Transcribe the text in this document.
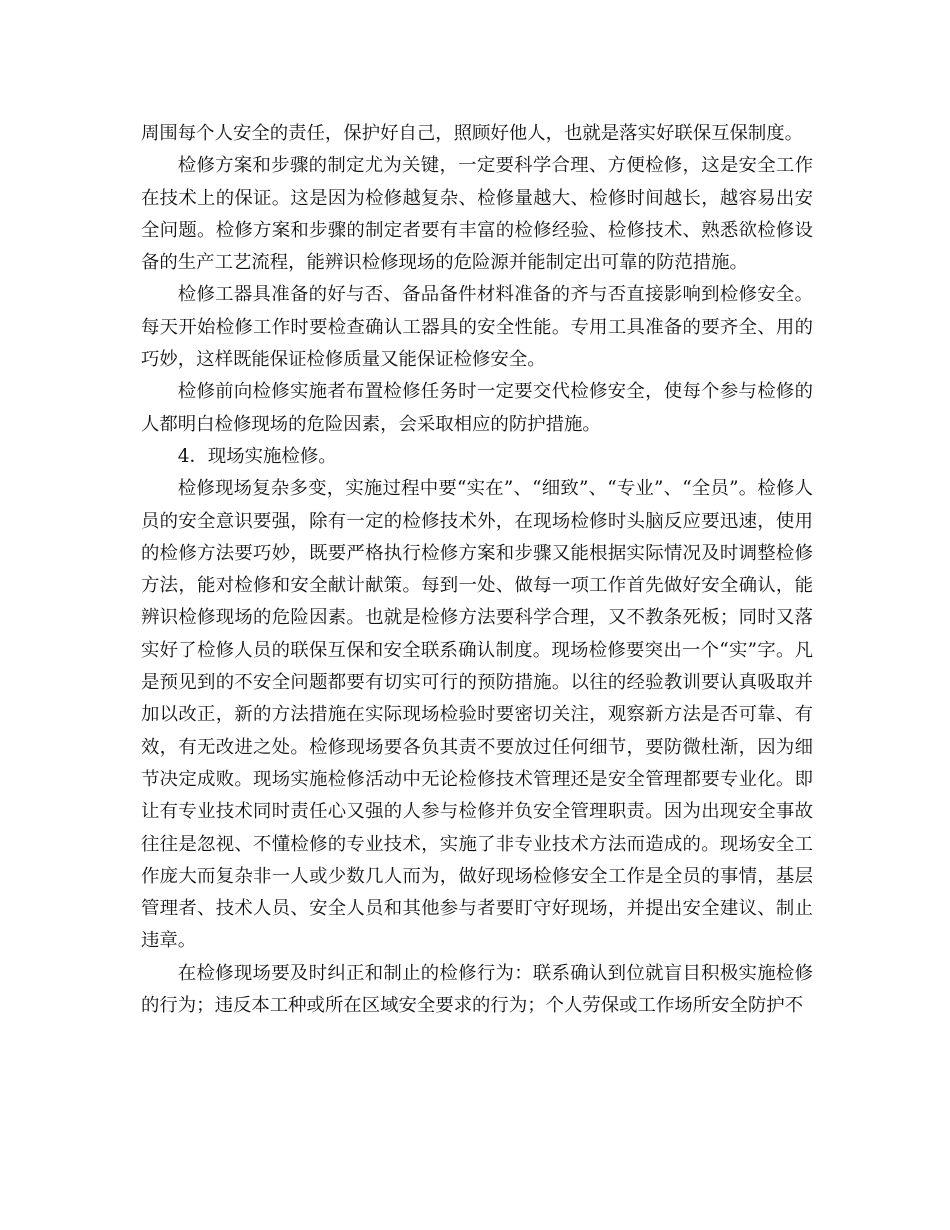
周围每个人安全的责任，保护好自己，照顾好他人，也就是落实好联保互保制度。

检修方案和步骤的制定尤为关键，一定要科学合理、方便检修，这是安全工作在技术上的保证。这是因为检修越复杂、检修量越大、检修时间越长，越容易出安全问题。检修方案和步骤的制定者要有丰富的检修经验、检修技术、熟悉欲检修设备的生产工艺流程，能辨识检修现场的危险源并能制定出可靠的防范措施。

检修工器具准备的好与否、备品备件材料准备的齐与否直接影响到检修安全。每天开始检修工作时要检查确认工器具的安全性能。专用工具准备的要齐全、用的巧妙，这样既能保证检修质量又能保证检修安全。

检修前向检修实施者布置检修任务时一定要交代检修安全，使每个参与检修的人都明白检修现场的危险因素，会采取相应的防护措施。

4．现场实施检修。

检修现场复杂多变，实施过程中要“实在”、“细致”、“专业”、“全员”。检修人员的安全意识要强，除有一定的检修技术外，在现场检修时头脑反应要迅速，使用的检修方法要巧妙，既要严格执行检修方案和步骤又能根据实际情况及时调整检修方法，能对检修和安全献计献策。每到一处、做每一项工作首先做好安全确认，能辨识检修现场的危险因素。也就是检修方法要科学合理，又不教条死板；同时又落实好了检修人员的联保互保和安全联系确认制度。现场检修要突出一个“实”字。凡是预见到的不安全问题都要有切实可行的预防措施。以往的经验教训要认真吸取并加以改正，新的方法措施在实际现场检验时要密切关注，观察新方法是否可靠、有效，有无改进之处。检修现场要各负其责不要放过任何细节，要防微杜渐，因为细节决定成败。现场实施检修活动中无论检修技术管理还是安全管理都要专业化。即让有专业技术同时责任心又强的人参与检修并负安全管理职责。因为出现安全事故往往是忽视、不懂检修的专业技术，实施了非专业技术方法而造成的。现场安全工作庞大而复杂非一人或少数几人而为，做好现场检修安全工作是全员的事情，基层管理者、技术人员、安全人员和其他参与者要盯守好现场，并提出安全建议、制止违章。

在检修现场要及时纠正和制止的检修行为：联系确认到位就盲目积极实施检修的行为；违反本工种或所在区域安全要求的行为；个人劳保或工作场所安全防护不
